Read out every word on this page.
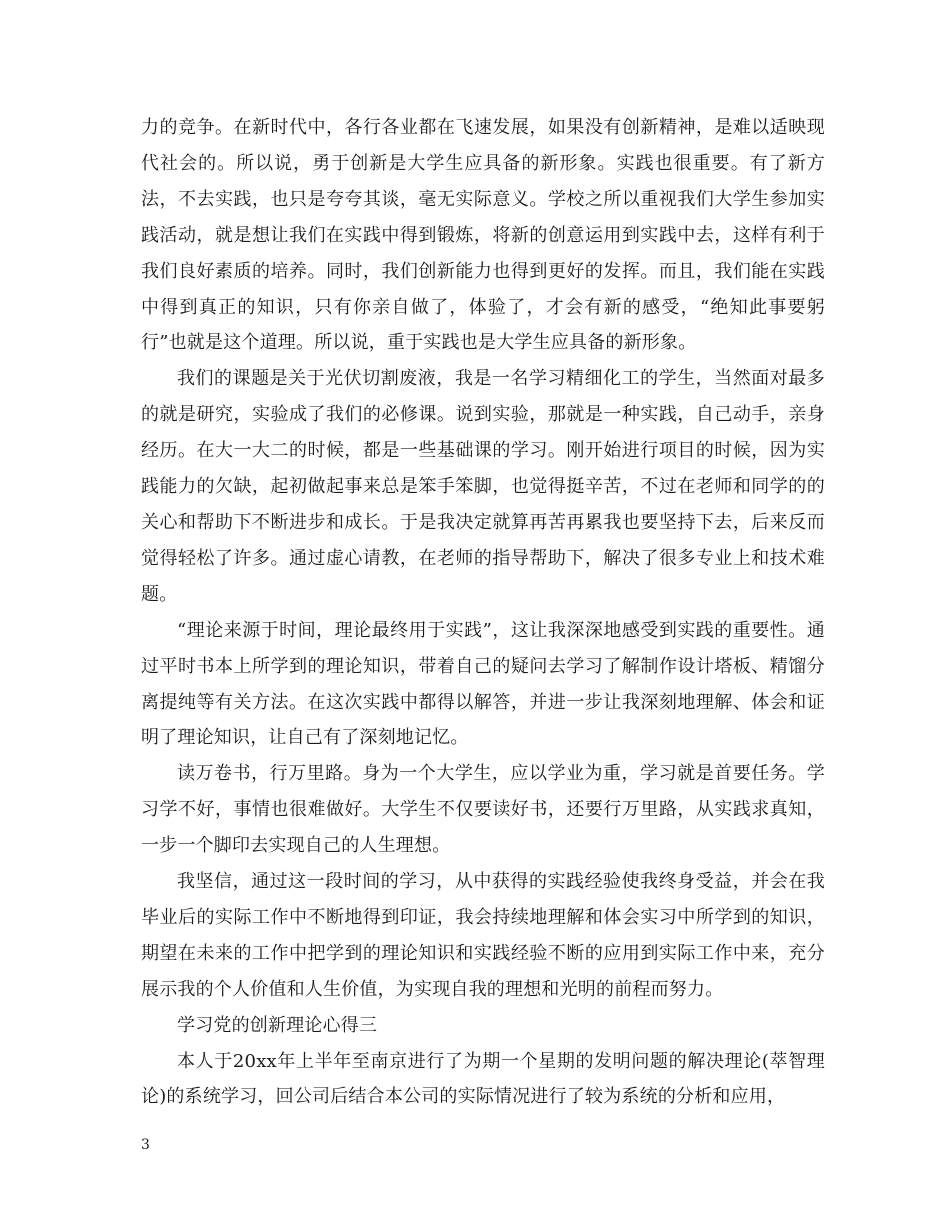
力的竞争。在新时代中，各行各业都在飞速发展，如果没有创新精神，是难以适映现代社会的。所以说，勇于创新是大学生应具备的新形象。实践也很重要。有了新方法，不去实践，也只是夸夸其谈，毫无实际意义。学校之所以重视我们大学生参加实践活动，就是想让我们在实践中得到锻炼，将新的创意运用到实践中去，这样有利于我们良好素质的培养。同时，我们创新能力也得到更好的发挥。而且，我们能在实践中得到真正的知识，只有你亲自做了，体验了，才会有新的感受，“绝知此事要躬行”也就是这个道理。所以说，重于实践也是大学生应具备的新形象。

我们的课题是关于光伏切割废液，我是一名学习精细化工的学生，当然面对最多的就是研究，实验成了我们的必修课。说到实验，那就是一种实践，自己动手，亲身经历。在大一大二的时候，都是一些基础课的学习。刚开始进行项目的时候，因为实践能力的欠缺，起初做起事来总是笨手笨脚，也觉得挺辛苦，不过在老师和同学的的关心和帮助下不断进步和成长。于是我决定就算再苦再累我也要坚持下去，后来反而觉得轻松了许多。通过虚心请教，在老师的指导帮助下，解决了很多专业上和技术难题。

“理论来源于时间，理论最终用于实践”，这让我深深地感受到实践的重要性。通过平时书本上所学到的理论知识，带着自己的疑问去学习了解制作设计塔板、精馏分离提纯等有关方法。在这次实践中都得以解答，并进一步让我深刻地理解、体会和证明了理论知识，让自己有了深刻地记忆。

读万卷书，行万里路。身为一个大学生，应以学业为重，学习就是首要任务。学习学不好，事情也很难做好。大学生不仅要读好书，还要行万里路，从实践求真知，一步一个脚印去实现自己的人生理想。

我坚信，通过这一段时间的学习，从中获得的实践经验使我终身受益，并会在我毕业后的实际工作中不断地得到印证，我会持续地理解和体会实习中所学到的知识，期望在未来的工作中把学到的理论知识和实践经验不断的应用到实际工作中来，充分展示我的个人价值和人生价值，为实现自我的理想和光明的前程而努力。

学习党的创新理论心得三

本人于20xx年上半年至南京进行了为期一个星期的发明问题的解决理论(萃智理论)的系统学习，回公司后结合本公司的实际情况进行了较为系统的分析和应用，

3
